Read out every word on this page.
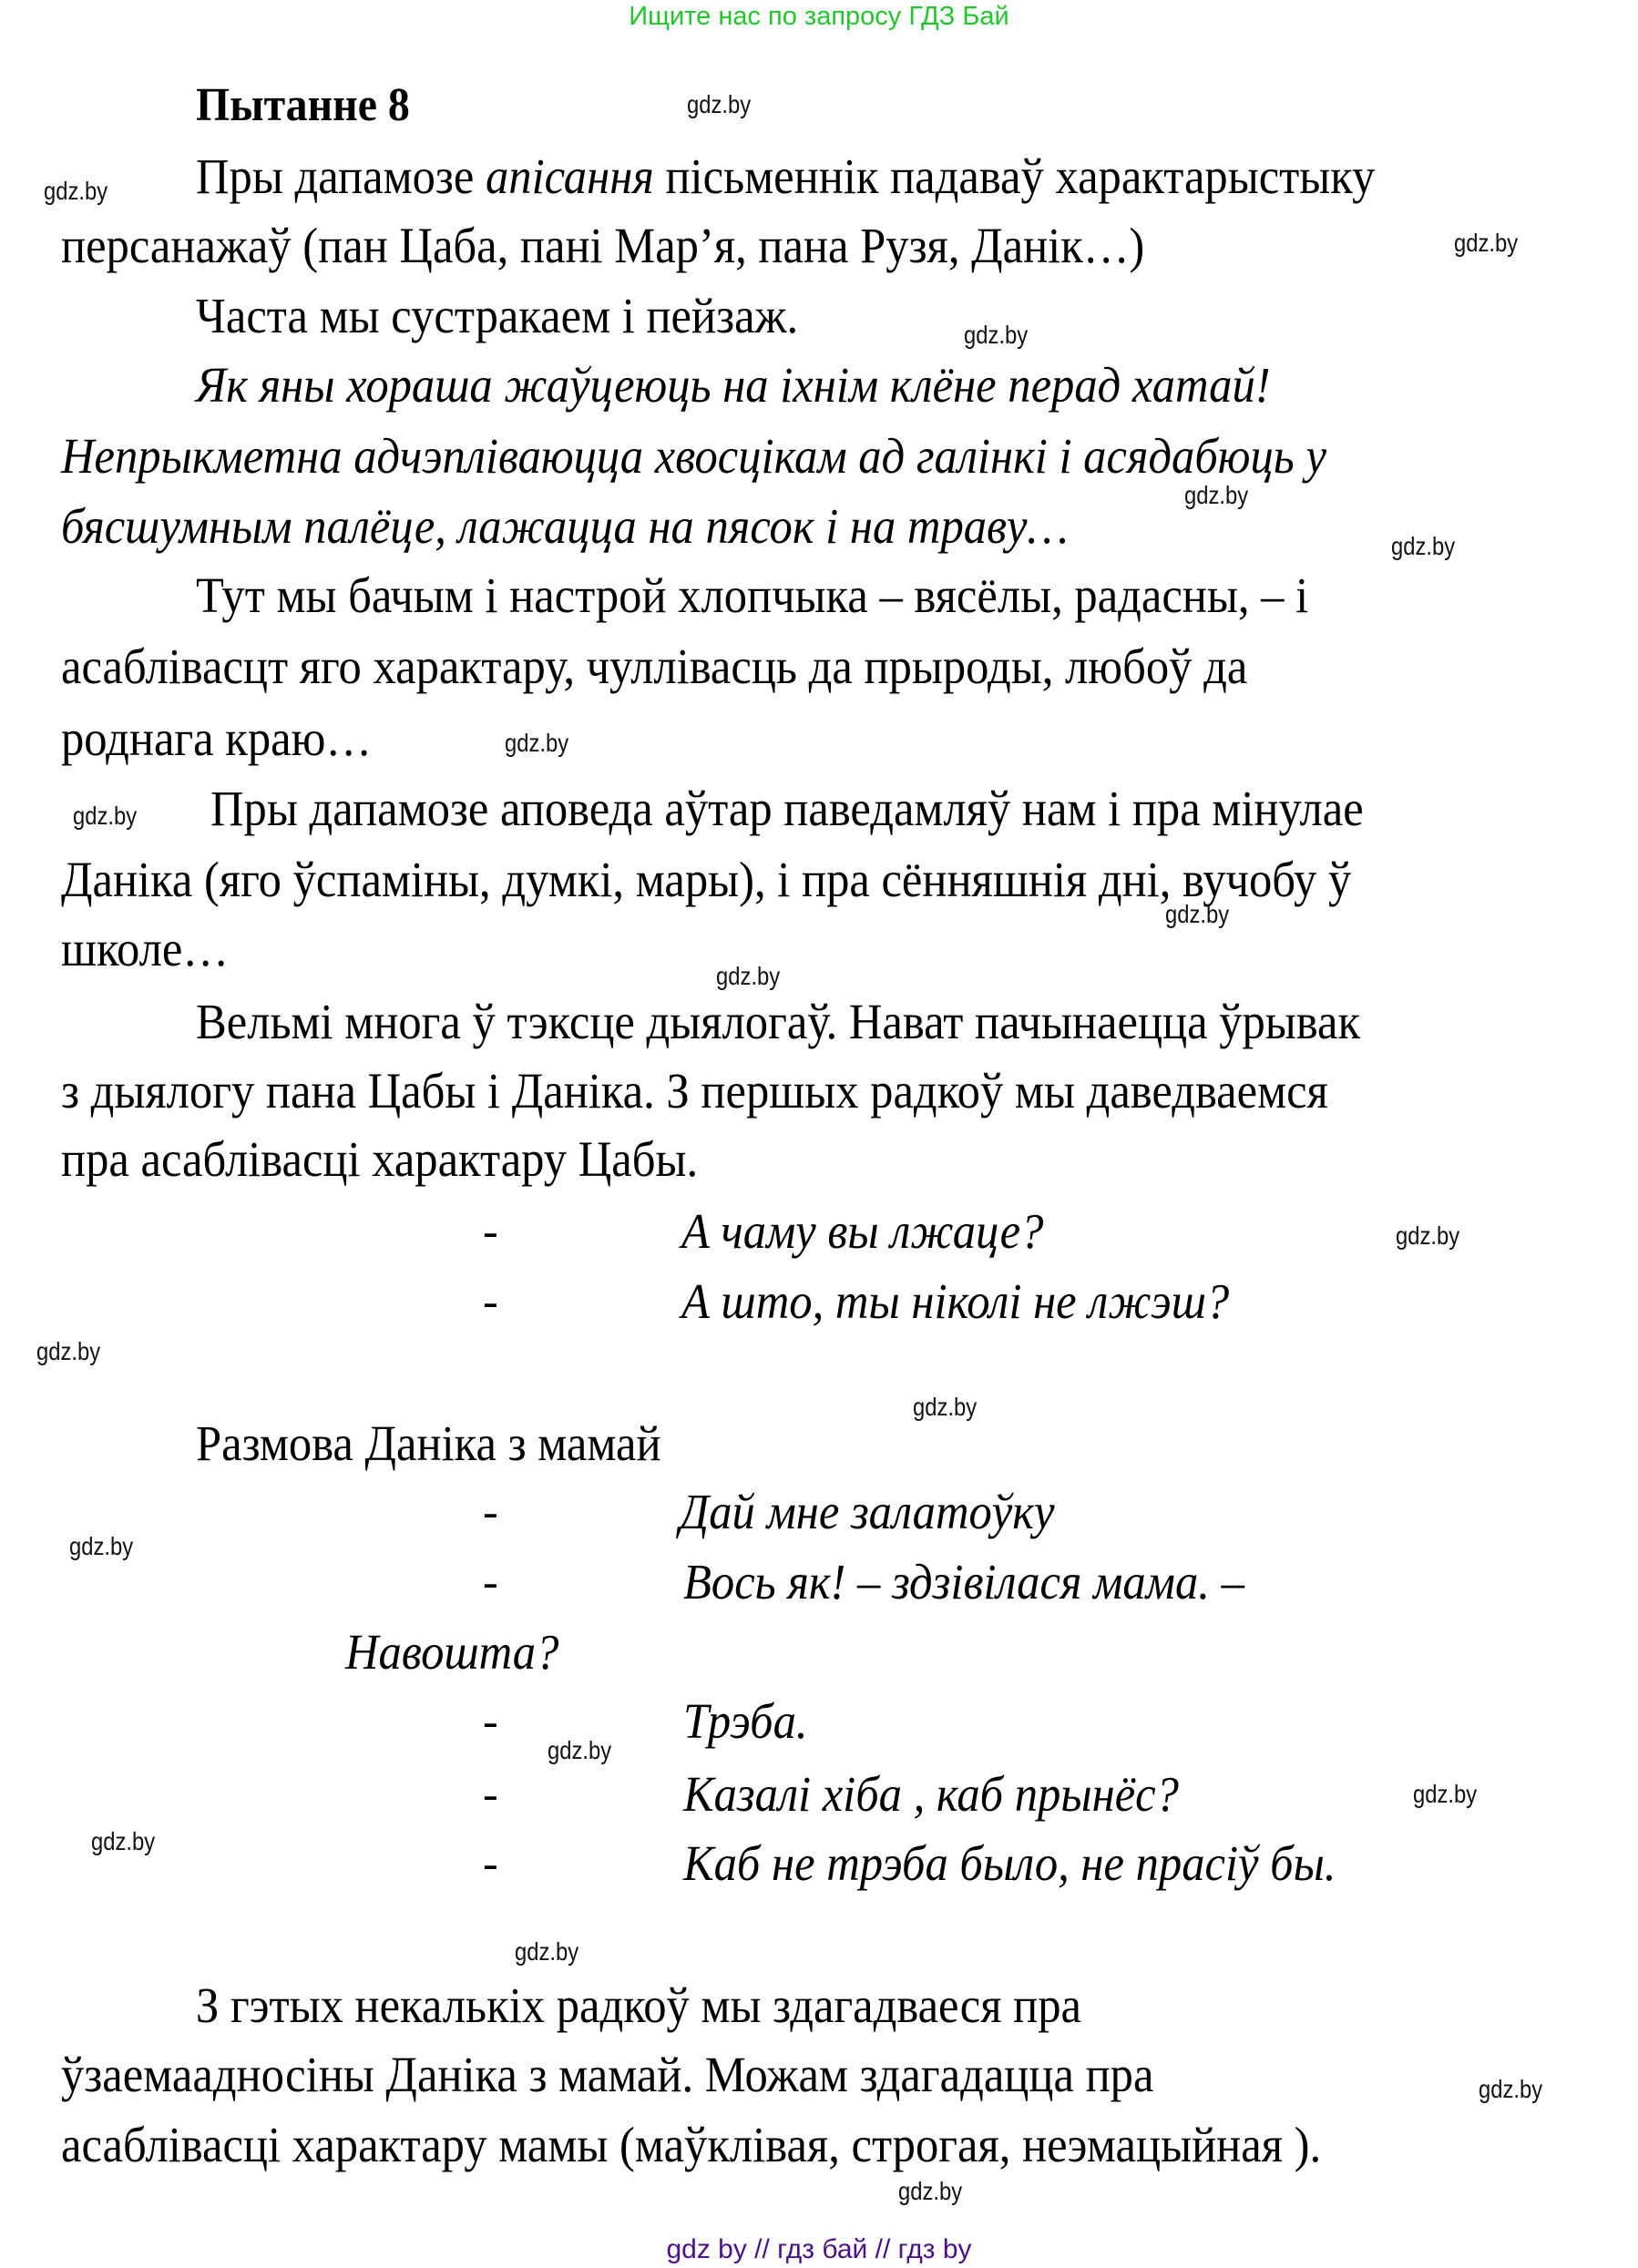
Ищите нас по запросу ГДЗ Бай
Пытанне 8
Пры дапамозе апісання пісьменнік падаваў характарыстыку
персанажаў (пан Цаба, пані Мар’я, пана Рузя, Данік…)
Часта мы сустракаем і пейзаж.
Як яны хораша жаўцеюць на іхнім клёне перад хатай!
Непрыкметна адчэпліваюцца хвосцікам ад галінкі і асядабюць у
бясшумным палёце, лажацца на пясок і на траву…
Тут мы бачым і настрой хлопчыка – вясёлы, радасны, – і
асаблівасцт яго характару, чуллівасць да прыроды, любоў да
роднага краю…
Пры дапамозе аповеда аўтар паведамляў нам і пра мінулае
Даніка (яго ўспаміны, думкі, мары), і пра сённяшнія дні, вучобу ў
школе…
Вельмі многа ў тэксце дыялогаў. Нават пачынаецца ўрывак
з дыялогу пана Цабы і Даніка. З першых радкоў мы даведваемся
пра асаблівасці характару Цабы.
-	А чаму вы лжаце?
-	А што, ты ніколі не лжэш?
Размова Даніка з мамай
-	Дай мне залатоўку
-	Вось як! – здзівілася мама. –
Навошта?
-	Трэба.
-	Казалі хіба , каб прынёс?
-	Каб не трэба было, не прасіў бы.
З гэтых некалькіх радкоў мы здагадваеся пра
ўзаемаадносіны Даніка з мамай. Можам здагадацца пра
асаблівасці характару мамы (маўклівая, строгая, неэмацыйная ).
gdz.by
gdz.by
gdz.by
gdz.by
gdz.by
gdz.by
gdz.by
gdz.by
gdz.by
gdz.by
gdz.by
gdz.by
gdz.by
gdz.by
gdz.by
gdz.by
gdz.by
gdz.by
gdz.by
gdz.by
gdz by // гдз бай // гдз by
